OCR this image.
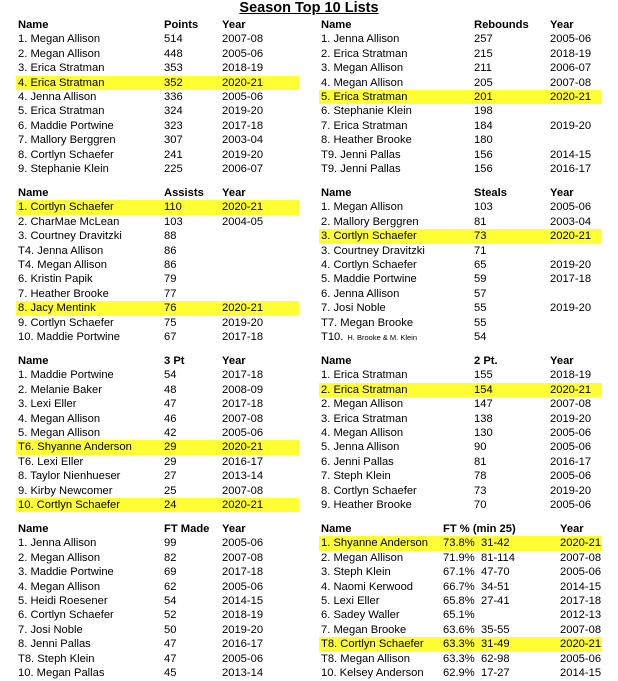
Season Top 10 Lists
Name	Points Year
1. Megan Allison	514	2007-08
2. Megan Allison	448	2005-06
3. Erica Stratman	353	2018-19
4. Erica Stratman	352	2020-21
4. Jenna Allison	336	2005-06
5. Erica Stratman	324	2019-20
6. Maddie Portwine	323	2017-18
7. Mallory Berggren	307	2003-04
8. Cortlyn Schaefer	241	2019-20
9. Stephanie Klein	225	2006-07
Name	Rebounds Year
1. Jenna Allison	257	2005-06
2. Erica Stratman	215	2018-19
3. Megan Allison	211	2006-07
4. Megan Allison	205	2007-08
5. Erica Stratman	201	2020-21
6. Stephanie Klein	198
7. Erica Stratman	184	2019-20
8. Heather Brooke	180
T9. Jenni Pallas	156	2014-15
T9. Jenni Pallas	156	2016-17
Name	Assists Year
1. Cortlyn Schaefer	110	2020-21
2. CharMae McLean	103	2004-05
3. Courtney Dravitzki	88
T4. Jenna Allison	86
T4. Megan Allison	86
6. Kristin Papik	79
7. Heather Brooke	77
8. Jacy Mentink	76	2020-21
9. Cortlyn Schaefer	75	2019-20
10. Maddie Portwine	67	2017-18
Name	Steals	Year
1. Megan Allison	103	2005-06
2. Mallory Berggren	81	2003-04
3. Cortlyn Schaefer	73	2020-21
3. Courtney Dravitzki	71
4. Cortlyn Schaefer	65	2019-20
5. Maddie Portwine	59	2017-18
6. Jenna Allison	57
7. Josi Noble	55	2019-20
T7. Megan Brooke	55
T10. H. Brooke & M. Klein	54
Name	3 Pt	Year
1. Maddie Portwine	54	2017-18
2. Melanie Baker	48	2008-09
3. Lexi Eller	47	2017-18
4. Megan Allison	46	2007-08
5. Megan Allison	42	2005-06
T6. Shyanne Anderson	29	2020-21
T6. Lexi Eller	29	2016-17
8. Taylor Nienhueser	27	2013-14
9. Kirby Newcomer	25	2007-08
10. Cortlyn Schaefer	24	2020-21
Name	2 Pt.	Year
1. Erica Stratman	155	2018-19
2. Erica Stratman	154	2020-21
2. Megan Allison	147	2007-08
3. Erica Stratman	138	2019-20
4. Megan Allison	130	2005-06
5. Jenna Allison	90	2005-06
6. Jenni Pallas	81	2016-17
7. Steph Klein	78	2005-06
8. Cortlyn Schaefer	73	2019-20
9. Heather Brooke	70	2005-06
Name	FT Made Year
1. Jenna Allison	99	2005-06
2. Megan Allison	82	2007-08
3. Maddie Portwine	69	2017-18
4. Megan Allison	62	2005-06
5. Heidi Roesener	54	2014-15
6. Cortlyn Schaefer	52	2018-19
7. Josi Noble	50	2019-20
8. Jenni Pallas	47	2016-17
T8. Steph Klein	47	2005-06
10. Megan Pallas	45	2013-14
Name	FT % (min 25)	Year
1. Shyanne Anderson 73.8% 31-42	2020-21
2. Megan Allison	71.9% 81-114	2007-08
3. Steph Klein	67.1% 47-70	2005-06
4. Naomi Kerwood	66.7% 34-51	2014-15
5. Lexi Eller	65.8% 27-41	2017-18
6. Sadey Waller	65.1%	2012-13
7. Megan Brooke	63.6% 35-55	2007-08
T8. Cortlyn Schaefer 63.3% 31-49	2020-21
T8. Megan Allison	63.3% 62-98	2005-06
10. Kelsey Anderson 62.9% 17-27	2014-15
